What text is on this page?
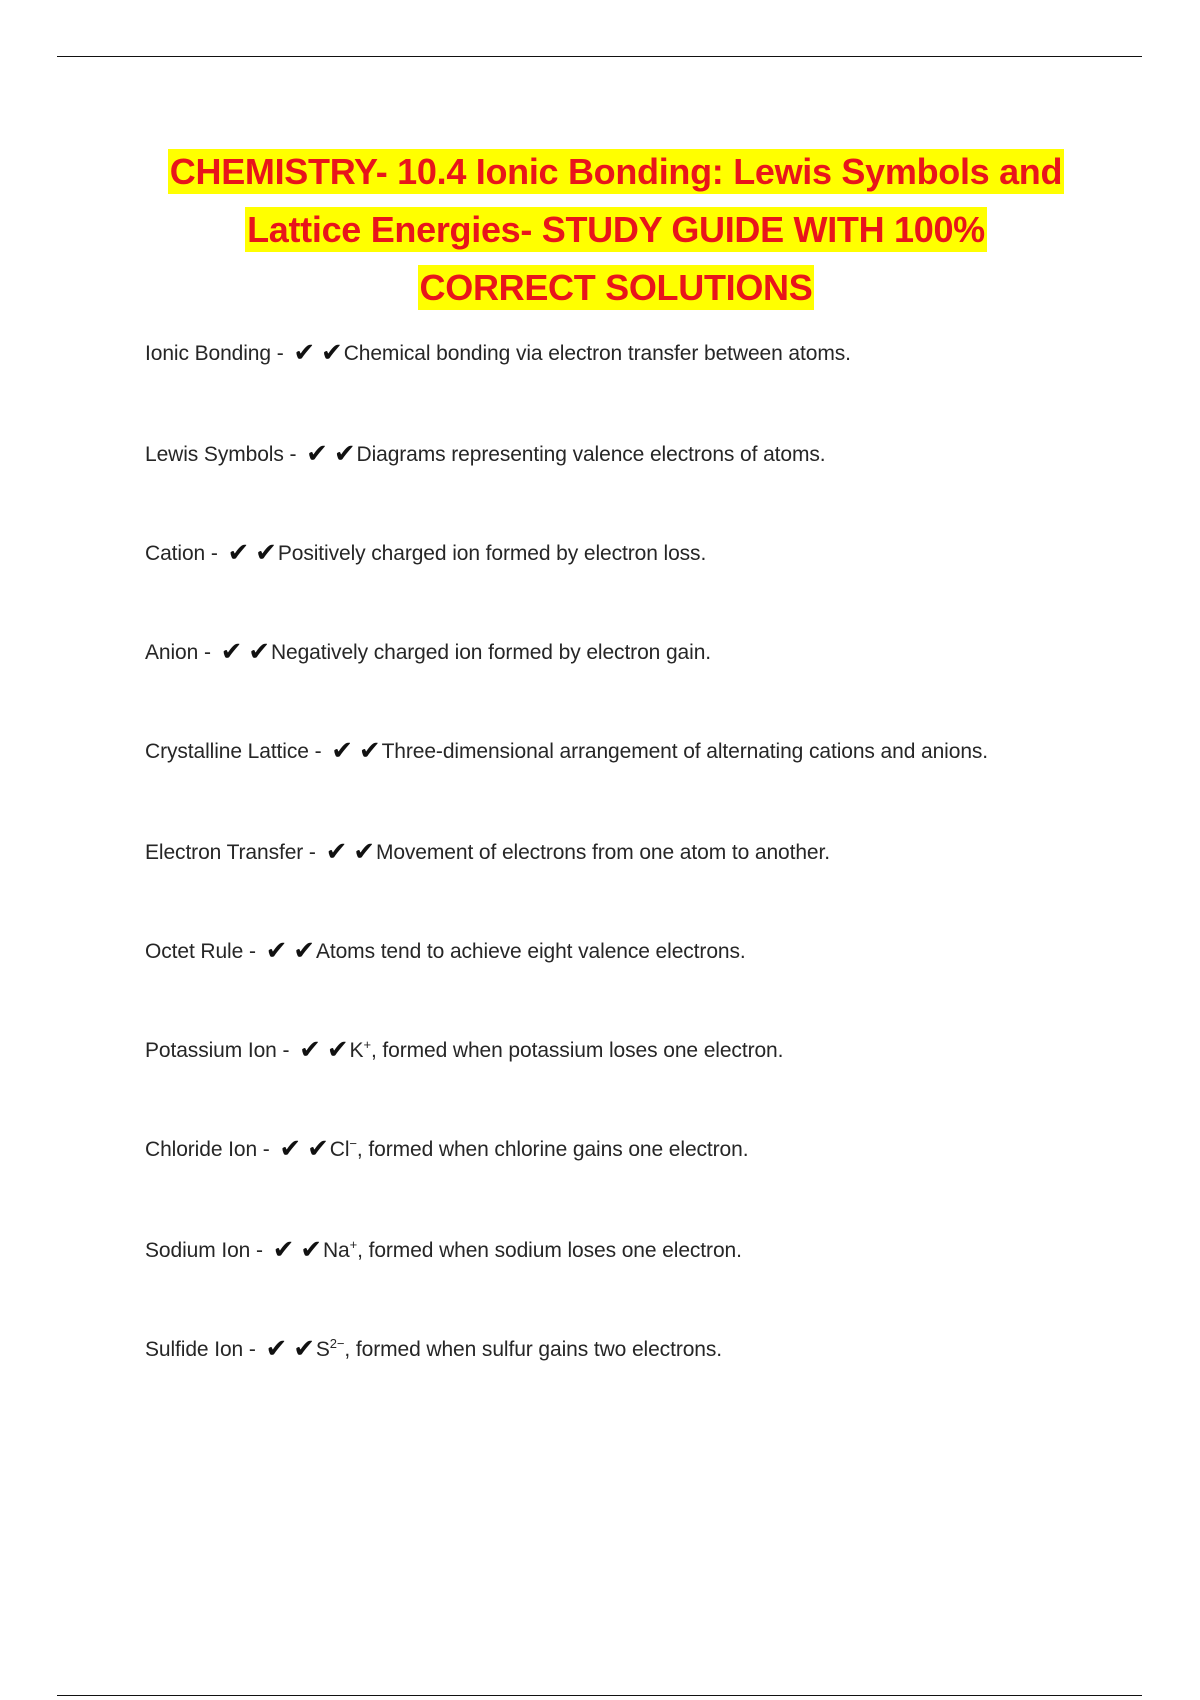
CHEMISTRY- 10.4 Ionic Bonding: Lewis Symbols and
Lattice Energies- STUDY GUIDE WITH 100%
CORRECT SOLUTIONS
Ionic Bonding - ✔ ✔Chemical bonding via electron transfer between atoms.
Lewis Symbols - ✔ ✔Diagrams representing valence electrons of atoms.
Cation - ✔ ✔Positively charged ion formed by electron loss.
Anion - ✔ ✔Negatively charged ion formed by electron gain.
Crystalline Lattice - ✔ ✔Three-dimensional arrangement of alternating cations and anions.
Electron Transfer - ✔ ✔Movement of electrons from one atom to another.
Octet Rule - ✔ ✔Atoms tend to achieve eight valence electrons.
Potassium Ion - ✔ ✔K+, formed when potassium loses one electron.
Chloride Ion - ✔ ✔Cl−, formed when chlorine gains one electron.
Sodium Ion - ✔ ✔Na+, formed when sodium loses one electron.
Sulfide Ion - ✔ $✔S^{2-}$, formed when sulfur gains two electrons.
